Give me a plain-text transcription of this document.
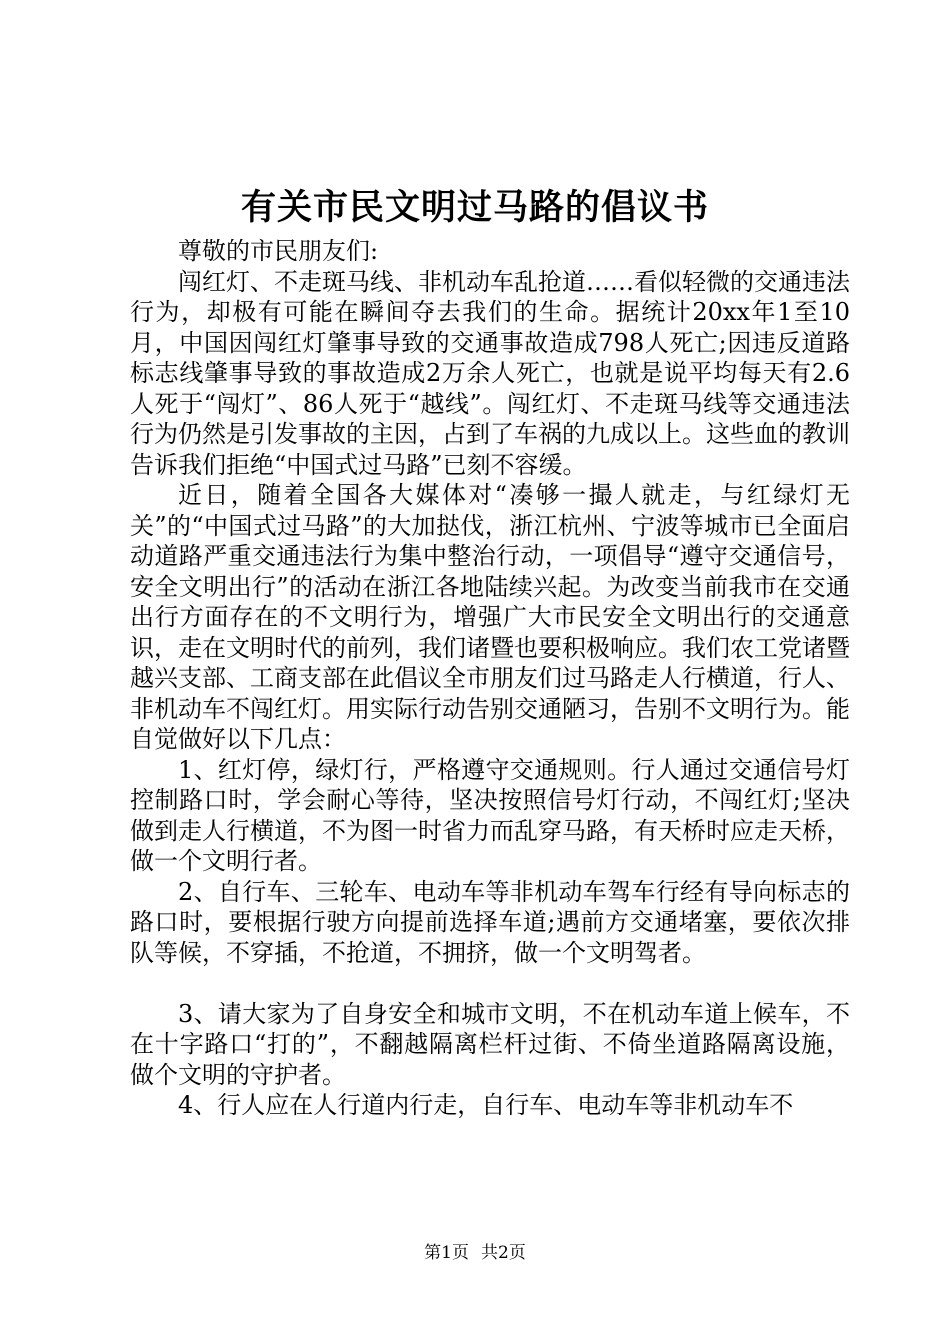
有关市民文明过马路的倡议书

尊敬的市民朋友们:

闯红灯、不走斑马线、非机动车乱抢道……看似轻微的交通违法行为，却极有可能在瞬间夺去我们的生命。据统计20xx年1至10月，中国因闯红灯肇事导致的交通事故造成798人死亡;因违反道路标志线肇事导致的事故造成2万余人死亡，也就是说平均每天有2.6人死于“闯灯”、86人死于“越线”。闯红灯、不走斑马线等交通违法行为仍然是引发事故的主因，占到了车祸的九成以上。这些血的教训告诉我们拒绝“中国式过马路”已刻不容缓。

近日，随着全国各大媒体对“凑够一撮人就走，与红绿灯无关”的“中国式过马路”的大加挞伐，浙江杭州、宁波等城市已全面启动道路严重交通违法行为集中整治行动，一项倡导“遵守交通信号，安全文明出行”的活动在浙江各地陆续兴起。为改变当前我市在交通出行方面存在的不文明行为，增强广大市民安全文明出行的交通意识，走在文明时代的前列，我们诸暨也要积极响应。我们农工党诸暨越兴支部、工商支部在此倡议全市朋友们过马路走人行横道，行人、非机动车不闯红灯。用实际行动告别交通陋习，告别不文明行为。能自觉做好以下几点：

1、红灯停，绿灯行，严格遵守交通规则。行人通过交通信号灯控制路口时，学会耐心等待，坚决按照信号灯行动，不闯红灯;坚决做到走人行横道，不为图一时省力而乱穿马路，有天桥时应走天桥，做一个文明行者。

2、自行车、三轮车、电动车等非机动车驾车行经有导向标志的路口时，要根据行驶方向提前选择车道;遇前方交通堵塞，要依次排队等候，不穿插，不抢道，不拥挤，做一个文明驾者。

3、请大家为了自身安全和城市文明，不在机动车道上候车，不在十字路口“打的”，不翻越隔离栏杆过街、不倚坐道路隔离设施，做个文明的守护者。

4、行人应在人行道内行走，自行车、电动车等非机动车不

第1页 共2页
